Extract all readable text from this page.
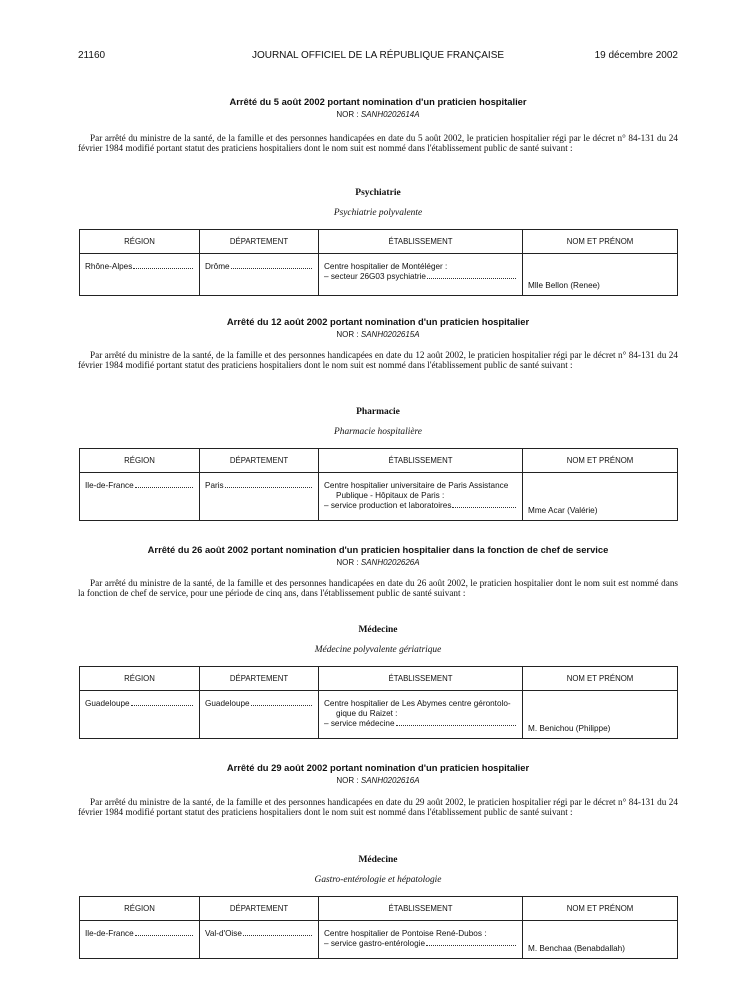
21160	JOURNAL OFFICIEL DE LA RÉPUBLIQUE FRANÇAISE	19 décembre 2002
Arrêté du 5 août 2002 portant nomination d'un praticien hospitalier
NOR : SANH0202614A
Par arrêté du ministre de la santé, de la famille et des personnes handicapées en date du 5 août 2002, le praticien hospitalier régi par le décret n° 84-131 du 24 février 1984 modifié portant statut des praticiens hospitaliers dont le nom suit est nommé dans l'établissement public de santé suivant :
Psychiatrie
Psychiatrie polyvalente
RÉGION	DÉPARTEMENT	ÉTABLISSEMENT	NOM ET PRÉNOM

Rhône-Alpes	Drôme	Centre hospitalier de Montéléger :
– secteur 26G03 psychiatrie	Mlle Bellon (Renee)
Arrêté du 12 août 2002 portant nomination d'un praticien hospitalier
NOR : SANH0202615A
Par arrêté du ministre de la santé, de la famille et des personnes handicapées en date du 12 août 2002, le praticien hospitalier régi par le décret n° 84-131 du 24 février 1984 modifié portant statut des praticiens hospitaliers dont le nom suit est nommé dans l'établissement public de santé suivant :
Pharmacie
Pharmacie hospitalière
RÉGION	DÉPARTEMENT	ÉTABLISSEMENT	NOM ET PRÉNOM

Ile-de-France	Paris	Centre hospitalier universitaire de Paris Assistance
Publique - Hôpitaux de Paris :
– service production et laboratoires	Mme Acar (Valérie)
Arrêté du 26 août 2002 portant nomination d'un praticien hospitalier dans la fonction de chef de service
NOR : SANH0202626A
Par arrêté du ministre de la santé, de la famille et des personnes handicapées en date du 26 août 2002, le praticien hospitalier dont le nom suit est nommé dans la fonction de chef de service, pour une période de cinq ans, dans l'établissement public de santé suivant :
Médecine
Médecine polyvalente gériatrique
RÉGION	DÉPARTEMENT	ÉTABLISSEMENT	NOM ET PRÉNOM

Guadeloupe	Guadeloupe	Centre hospitalier de Les Abymes centre gérontolo-
gique du Raizet :
– service médecine	M. Benichou (Philippe)
Arrêté du 29 août 2002 portant nomination d'un praticien hospitalier
NOR : SANH0202616A
Par arrêté du ministre de la santé, de la famille et des personnes handicapées en date du 29 août 2002, le praticien hospitalier régi par le décret n° 84-131 du 24 février 1984 modifié portant statut des praticiens hospitaliers dont le nom suit est nommé dans l'établissement public de santé suivant :
Médecine
Gastro-entérologie et hépatologie
RÉGION	DÉPARTEMENT	ÉTABLISSEMENT	NOM ET PRÉNOM

Ile-de-France	Val-d'Oise	Centre hospitalier de Pontoise René-Dubos :
– service gastro-entérologie	M. Benchaa (Benabdallah)
